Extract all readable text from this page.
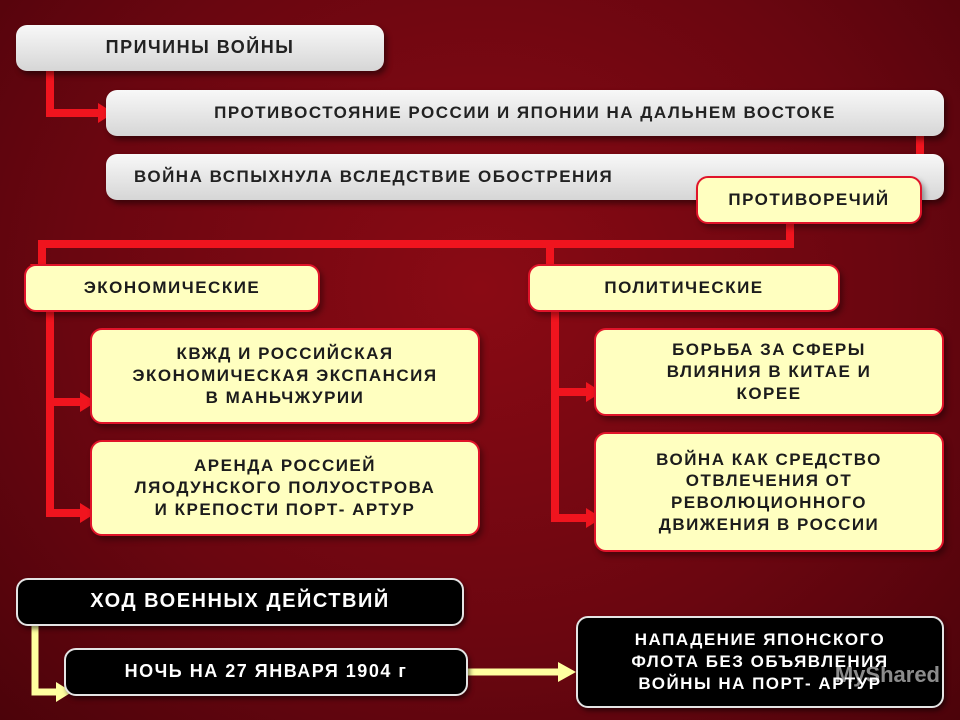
ПРИЧИНЫ ВОЙНЫ
ПРОТИВОСТОЯНИЕ РОССИИ И ЯПОНИИ НА ДАЛЬНЕМ ВОСТОКЕ
ВОЙНА ВСПЫХНУЛА ВСЛЕДСТВИЕ ОБОСТРЕНИЯ
ПРОТИВОРЕЧИЙ
ЭКОНОМИЧЕСКИЕ
КВЖД И РОССИЙСКАЯ
ЭКОНОМИЧЕСКАЯ ЭКСПАНСИЯ
В МАНЬЧЖУРИИ
АРЕНДА РОССИЕЙ
ЛЯОДУНСКОГО ПОЛУОСТРОВА
И КРЕПОСТИ ПОРТ- АРТУР
ПОЛИТИЧЕСКИЕ
БОРЬБА ЗА СФЕРЫ
ВЛИЯНИЯ В КИТАЕ И
КОРЕЕ
ВОЙНА КАК СРЕДСТВО
ОТВЛЕЧЕНИЯ ОТ
РЕВОЛЮЦИОННОГО
ДВИЖЕНИЯ В РОССИИ
ХОД ВОЕННЫХ ДЕЙСТВИЙ
НОЧЬ НА 27 ЯНВАРЯ 1904 г
НАПАДЕНИЕ ЯПОНСКОГО
ФЛОТА БЕЗ ОБЪЯВЛЕНИЯ
ВОЙНЫ НА ПОРТ- АРТУР
MyShared
